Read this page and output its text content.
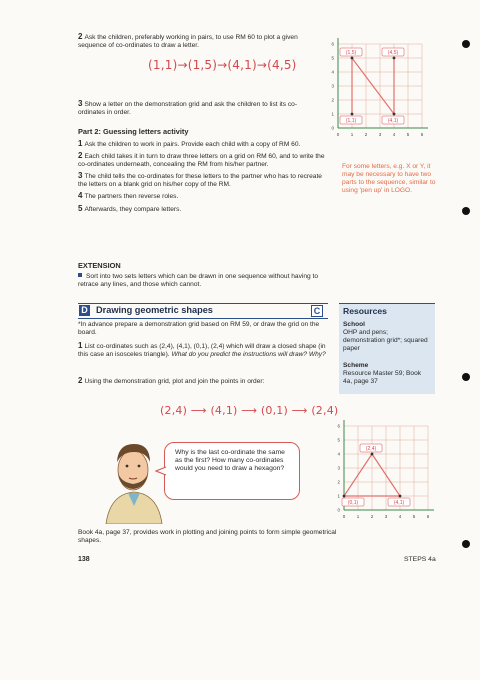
2 Ask the children, preferably working in pairs, to use RM 60 to plot a given sequence of co-ordinates to draw a letter.
(1,1)→(1,5)→(4,1)→(4,5)
3 Show a letter on the demonstration grid and ask the children to list its co-ordinates in order.
0	1	2	3	4	5	6
0
1
2
3
4
5
6
(1,5)	(4,5)
(1,1)	(4,1)
Part 2: Guessing letters activity
1 Ask the children to work in pairs. Provide each child with a copy of RM 60.
2 Each child takes it in turn to draw three letters on a grid on RM 60, and to write the co-ordinates underneath, concealing the RM from his/her partner.
3 The child tells the co-ordinates for these letters to the partner who has to recreate the letters on a blank grid on his/her copy of the RM.
4 The partners then reverse roles.
5 Afterwards, they compare letters.
For some letters, e.g. X or Y, it may be necessary to have two parts to the sequence, similar to using 'pen up' in LOGO.
EXTENSION
Sort into two sets letters which can be drawn in one sequence without having to retrace any lines, and those which cannot.
D Drawing geometric shapes	C
*In advance prepare a demonstration grid based on RM 59, or draw the grid on the board.
1 List co-ordinates such as (2,4), (4,1), (0,1), (2,4) which will draw a closed shape (in this case an isosceles triangle). What do you predict the instructions will draw? Why?
2 Using the demonstration grid, plot and join the points in order:
(2,4) ⟶ (4,1) ⟶ (0,1) ⟶ (2,4)
Resources
School
OHP and pens; demonstration grid*; squared paper
Scheme
Resource Master 59; Book 4a, page 37
Why is the last co-ordinate the same as the first? How many co-ordinates would you need to draw a hexagon?
0	1	2	3	4	5	6
0
1
2
3
4
5
6
(2,4)
(4,1)
(0,1)
Book 4a, page 37, provides work in plotting and joining points to form simple geometrical shapes.
138	STEPS 4a
